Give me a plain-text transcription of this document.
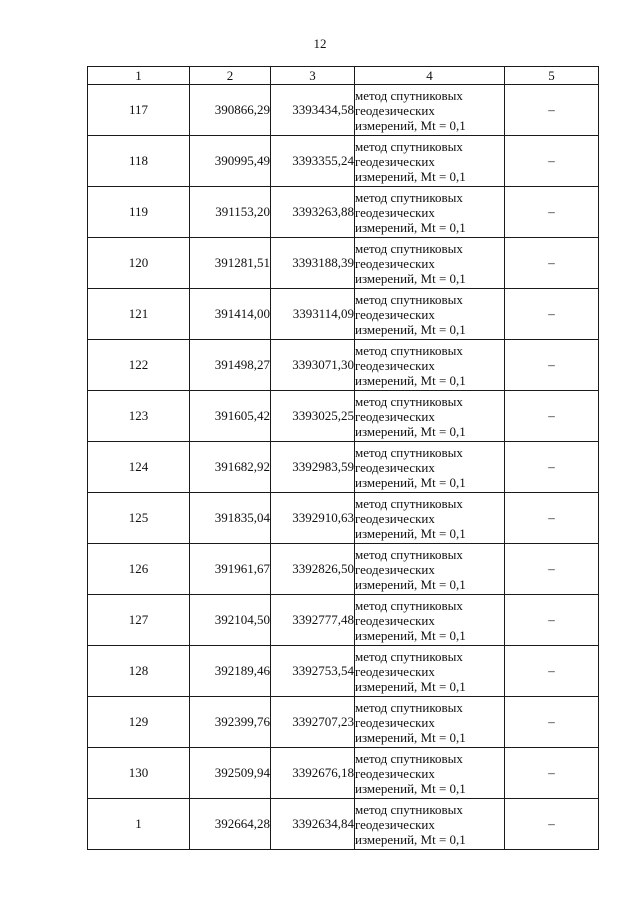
12
1	2	3	4	5
117	390866,29	3393434,58	метод спутниковых
геодезических
измерений, Mt = 0,1	–
118	390995,49	3393355,24	метод спутниковых
геодезических
измерений, Mt = 0,1	–
119	391153,20	3393263,88	метод спутниковых
геодезических
измерений, Mt = 0,1	–
120	391281,51	3393188,39	метод спутниковых
геодезических
измерений, Mt = 0,1	–
121	391414,00	3393114,09	метод спутниковых
геодезических
измерений, Mt = 0,1	–
122	391498,27	3393071,30	метод спутниковых
геодезических
измерений, Mt = 0,1	–
123	391605,42	3393025,25	метод спутниковых
геодезических
измерений, Mt = 0,1	–
124	391682,92	3392983,59	метод спутниковых
геодезических
измерений, Mt = 0,1	–
125	391835,04	3392910,63	метод спутниковых
геодезических
измерений, Mt = 0,1	–
126	391961,67	3392826,50	метод спутниковых
геодезических
измерений, Mt = 0,1	–
127	392104,50	3392777,48	метод спутниковых
геодезических
измерений, Mt = 0,1	–
128	392189,46	3392753,54	метод спутниковых
геодезических
измерений, Mt = 0,1	–
129	392399,76	3392707,23	метод спутниковых
геодезических
измерений, Mt = 0,1	–
130	392509,94	3392676,18	метод спутниковых
геодезических
измерений, Mt = 0,1	–
1	392664,28	3392634,84	метод спутниковых
геодезических
измерений, Mt = 0,1	–
